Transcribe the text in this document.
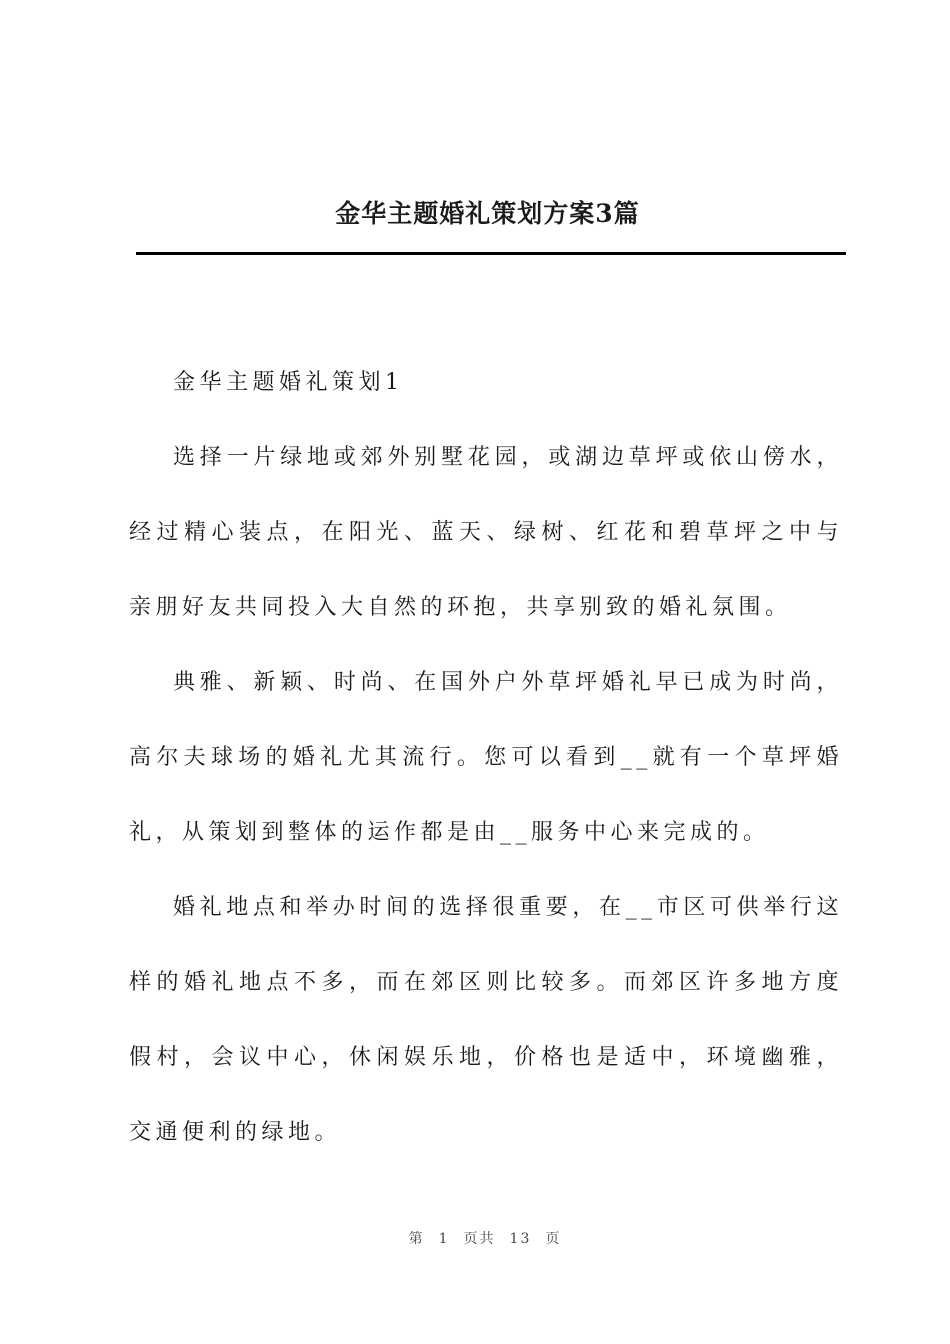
金华主题婚礼策划方案3篇

金华主题婚礼策划1

选择一片绿地或郊外别墅花园，或湖边草坪或依山傍水，经过精心装点，在阳光、蓝天、绿树、红花和碧草坪之中与亲朋好友共同投入大自然的环抱，共享别致的婚礼氛围。

典雅、新颖、时尚、在国外户外草坪婚礼早已成为时尚，高尔夫球场的婚礼尤其流行。您可以看到__就有一个草坪婚礼，从策划到整体的运作都是由__服务中心来完成的。

婚礼地点和举办时间的选择很重要，在__市区可供举行这样的婚礼地点不多，而在郊区则比较多。而郊区许多地方度假村，会议中心，休闲娱乐地，价格也是适中，环境幽雅，交通便利的绿地。

第 1 页共 13 页
